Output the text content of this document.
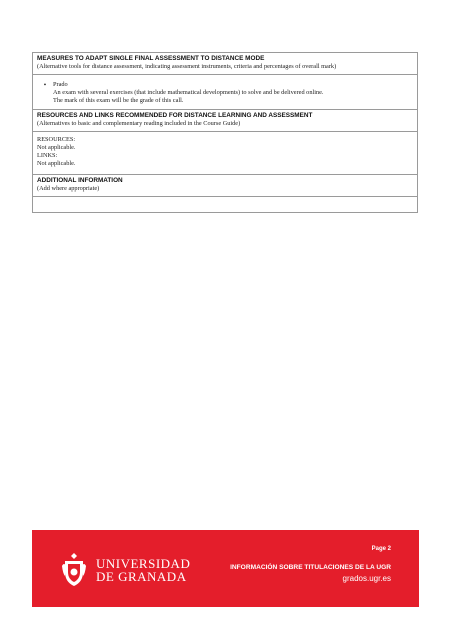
MEASURES TO ADAPT SINGLE FINAL ASSESSMENT TO DISTANCE MODE
(Alternative tools for distance assessment, indicating assessment instruments, criteria and percentages of overall mark)
•	Prado
An exam with several exercises (that include mathematical developments) to solve and be delivered online.
The mark of this exam will be the grade of this call.
RESOURCES AND LINKS RECOMMENDED FOR DISTANCE LEARNING AND ASSESSMENT
(Alternatives to basic and complementary reading included in the Course Guide)
RESOURCES:
Not applicable.
LINKS:
Not applicable.
ADDITIONAL INFORMATION
(Add where appropriate)
UNIVERSIDAD
DE GRANADA
Page 2
INFORMACIÓN SOBRE TITULACIONES DE LA UGR
grados.ugr.es
